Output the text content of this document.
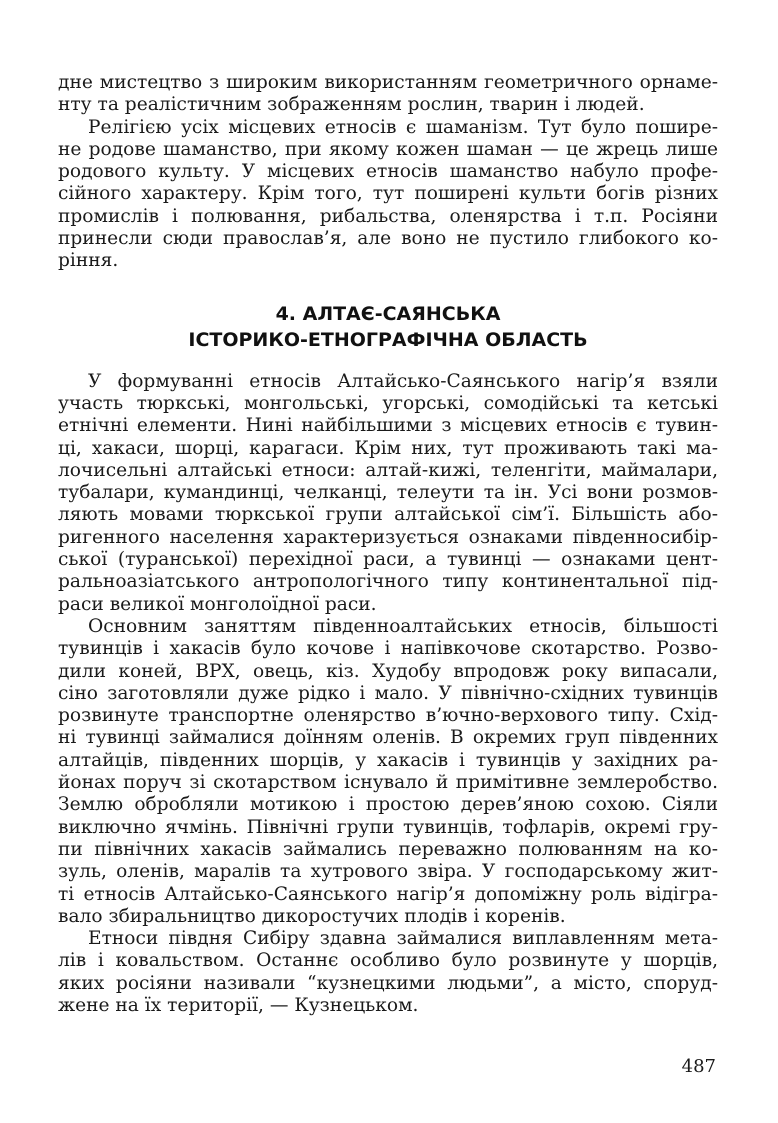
дне мистецтво з широким використанням геометричного орнаме-
нту та реалістичним зображенням рослин, тварин і людей.
Релігією усіх місцевих етносів є шаманізм. Тут було пошире-
не родове шаманство, при якому кожен шаман — це жрець лише
родового культу. У місцевих етносів шаманство набуло профе-
сійного характеру. Крім того, тут поширені культи богів різних
промислів і полювання, рибальства, оленярства і т.п. Росіяни
принесли сюди православ’я, але воно не пустило глибокого ко-
ріння.
4. АЛТАЄ-САЯНСЬКА
ІСТОРИКО-ЕТНОГРАФІЧНА ОБЛАСТЬ
У формуванні етносів Алтайсько-Саянського нагір’я взяли
участь тюркські, монгольські, угорські, сомодійські та кетські
етнічні елементи. Нині найбільшими з місцевих етносів є тувин-
ці, хакаси, шорці, карагаси. Крім них, тут проживають такі ма-
лочисельні алтайські етноси: алтай-кижі, теленгіти, маймалари,
тубалари, кумандинці, челканці, телеути та ін. Усі вони розмов-
ляють мовами тюркської групи алтайської сім’ї. Більшість або-
ригенного населення характеризується ознаками південносибір-
ської (туранської) перехідної раси, а тувинці — ознаками цент-
ральноазіатського антропологічного типу континентальної під-
раси великої монголоїдної раси.
Основним заняттям південноалтайських етносів, більшості
тувинців і хакасів було кочове і напівкочове скотарство. Розво-
дили коней, ВРХ, овець, кіз. Худобу впродовж року випасали,
сіно заготовляли дуже рідко і мало. У північно-східних тувинців
розвинуте транспортне оленярство в’ючно-верхового типу. Схід-
ні тувинці займалися доїнням оленів. В окремих груп південних
алтайців, південних шорців, у хакасів і тувинців у західних ра-
йонах поруч зі скотарством існувало й примітивне землеробство.
Землю обробляли мотикою і простою дерев’яною сохою. Сіяли
виключно ячмінь. Північні групи тувинців, тофларів, окремі гру-
пи північних хакасів займались переважно полюванням на ко-
зуль, оленів, маралів та хутрового звіра. У господарському жит-
ті етносів Алтайсько-Саянського нагір’я допоміжну роль відігра-
вало збиральництво дикоростучих плодів і коренів.
Етноси півдня Сибіру здавна займалися виплавленням мета-
лів і ковальством. Останнє особливо було розвинуте у шорців,
яких росіяни називали “кузнецкими людьми”, а місто, споруд-
жене на їх території, — Кузнецьком.
487
